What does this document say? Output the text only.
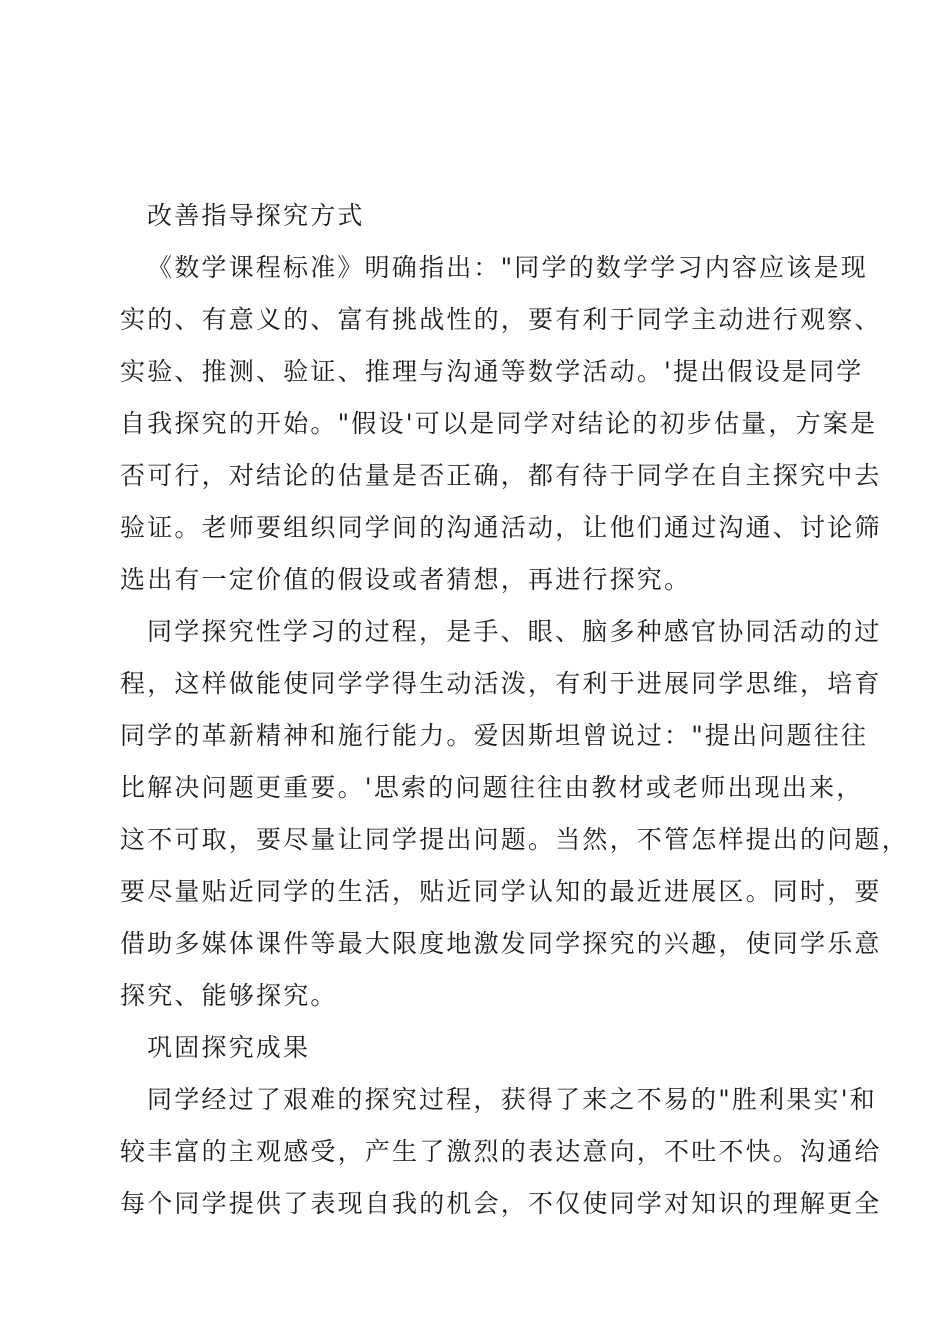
改善指导探究方式
《数学课程标准》明确指出："同学的数学学习内容应该是现
实的、有意义的、富有挑战性的，要有利于同学主动进行观察、
实验、推测、验证、推理与沟通等数学活动。'提出假设是同学
自我探究的开始。"假设'可以是同学对结论的初步估量，方案是
否可行，对结论的估量是否正确，都有待于同学在自主探究中去
验证。老师要组织同学间的沟通活动，让他们通过沟通、讨论筛
选出有一定价值的假设或者猜想，再进行探究。
同学探究性学习的过程，是手、眼、脑多种感官协同活动的过
程，这样做能使同学学得生动活泼，有利于进展同学思维，培育
同学的革新精神和施行能力。爱因斯坦曾说过："提出问题往往
比解决问题更重要。'思索的问题往往由教材或老师出现出来，
这不可取，要尽量让同学提出问题。当然，不管怎样提出的问题，
要尽量贴近同学的生活，贴近同学认知的最近进展区。同时，要
借助多媒体课件等最大限度地激发同学探究的兴趣，使同学乐意
探究、能够探究。
巩固探究成果
同学经过了艰难的探究过程，获得了来之不易的"胜利果实'和
较丰富的主观感受，产生了激烈的表达意向，不吐不快。沟通给
每个同学提供了表现自我的机会，不仅使同学对知识的理解更全
